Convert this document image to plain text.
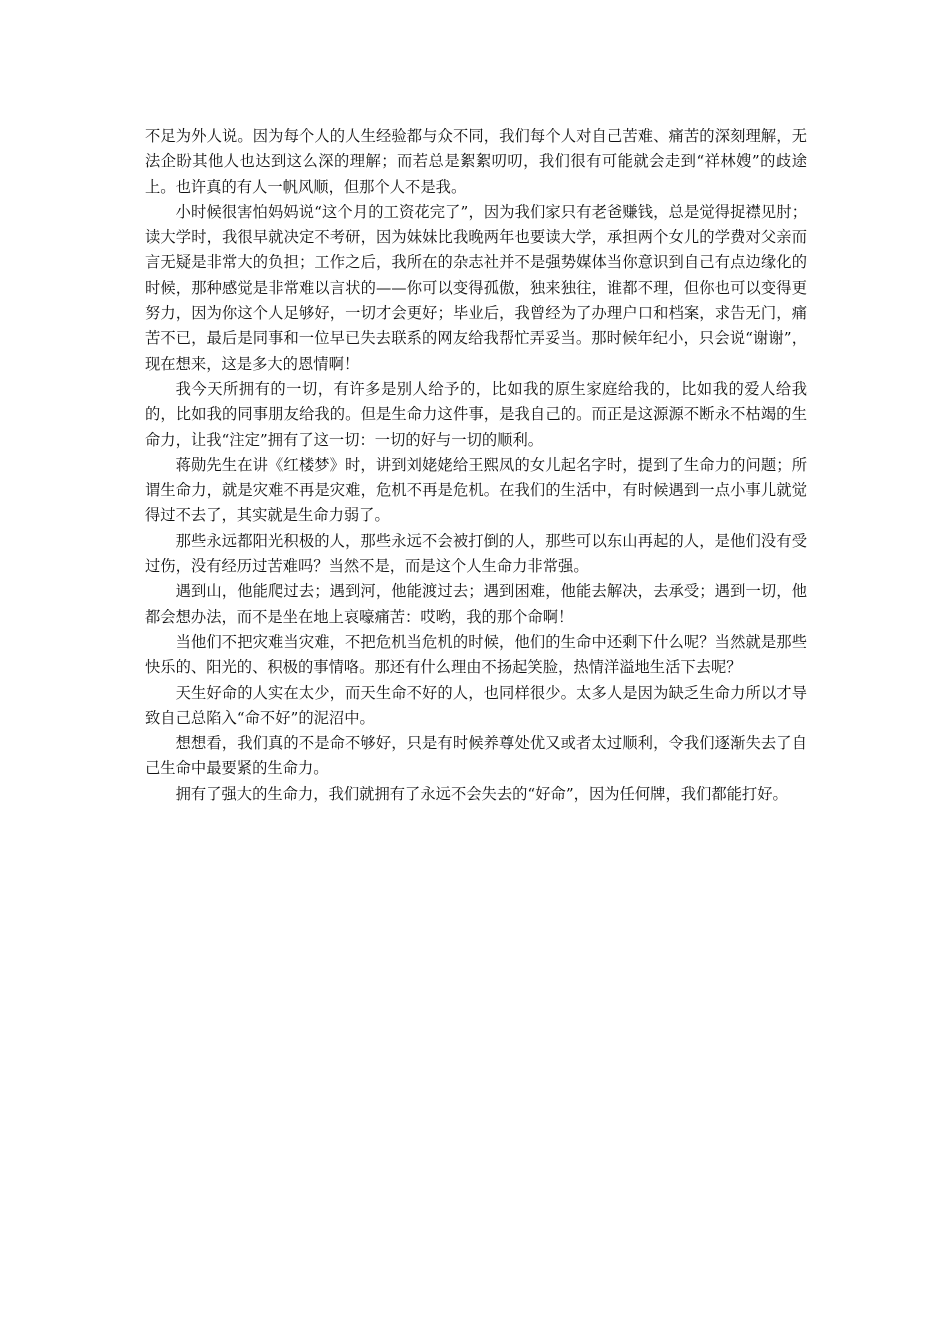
不足为外人说。因为每个人的人生经验都与众不同，我们每个人对自己苦难、痛苦的深刻理解，无法企盼其他人也达到这么深的理解；而若总是絮絮叨叨，我们很有可能就会走到“祥林嫂”的歧途上。也许真的有人一帆风顺，但那个人不是我。

小时候很害怕妈妈说“这个月的工资花完了”，因为我们家只有老爸赚钱，总是觉得捉襟见肘；读大学时，我很早就决定不考研，因为妹妹比我晚两年也要读大学，承担两个女儿的学费对父亲而言无疑是非常大的负担；工作之后，我所在的杂志社并不是强势媒体当你意识到自己有点边缘化的时候，那种感觉是非常难以言状的——你可以变得孤傲，独来独往，谁都不理，但你也可以变得更努力，因为你这个人足够好，一切才会更好；毕业后，我曾经为了办理户口和档案，求告无门，痛苦不已，最后是同事和一位早已失去联系的网友给我帮忙弄妥当。那时候年纪小，只会说“谢谢”，现在想来，这是多大的恩情啊！

我今天所拥有的一切，有许多是别人给予的，比如我的原生家庭给我的，比如我的爱人给我的，比如我的同事朋友给我的。但是生命力这件事，是我自己的。而正是这源源不断永不枯竭的生命力，让我“注定”拥有了这一切：一切的好与一切的顺利。

蒋勋先生在讲《红楼梦》时，讲到刘姥姥给王熙凤的女儿起名字时，提到了生命力的问题；所谓生命力，就是灾难不再是灾难，危机不再是危机。在我们的生活中，有时候遇到一点小事儿就觉得过不去了，其实就是生命力弱了。

那些永远都阳光积极的人，那些永远不会被打倒的人，那些可以东山再起的人，是他们没有受过伤，没有经历过苦难吗？当然不是，而是这个人生命力非常强。

遇到山，他能爬过去；遇到河，他能渡过去；遇到困难，他能去解决，去承受；遇到一切，他都会想办法，而不是坐在地上哀嚎痛苦：哎哟，我的那个命啊！

当他们不把灾难当灾难，不把危机当危机的时候，他们的生命中还剩下什么呢？当然就是那些快乐的、阳光的、积极的事情咯。那还有什么理由不扬起笑脸，热情洋溢地生活下去呢？

天生好命的人实在太少，而天生命不好的人，也同样很少。太多人是因为缺乏生命力所以才导致自己总陷入“命不好”的泥沼中。

想想看，我们真的不是命不够好，只是有时候养尊处优又或者太过顺利，令我们逐渐失去了自己生命中最要紧的生命力。

拥有了强大的生命力，我们就拥有了永远不会失去的“好命”，因为任何牌，我们都能打好。
